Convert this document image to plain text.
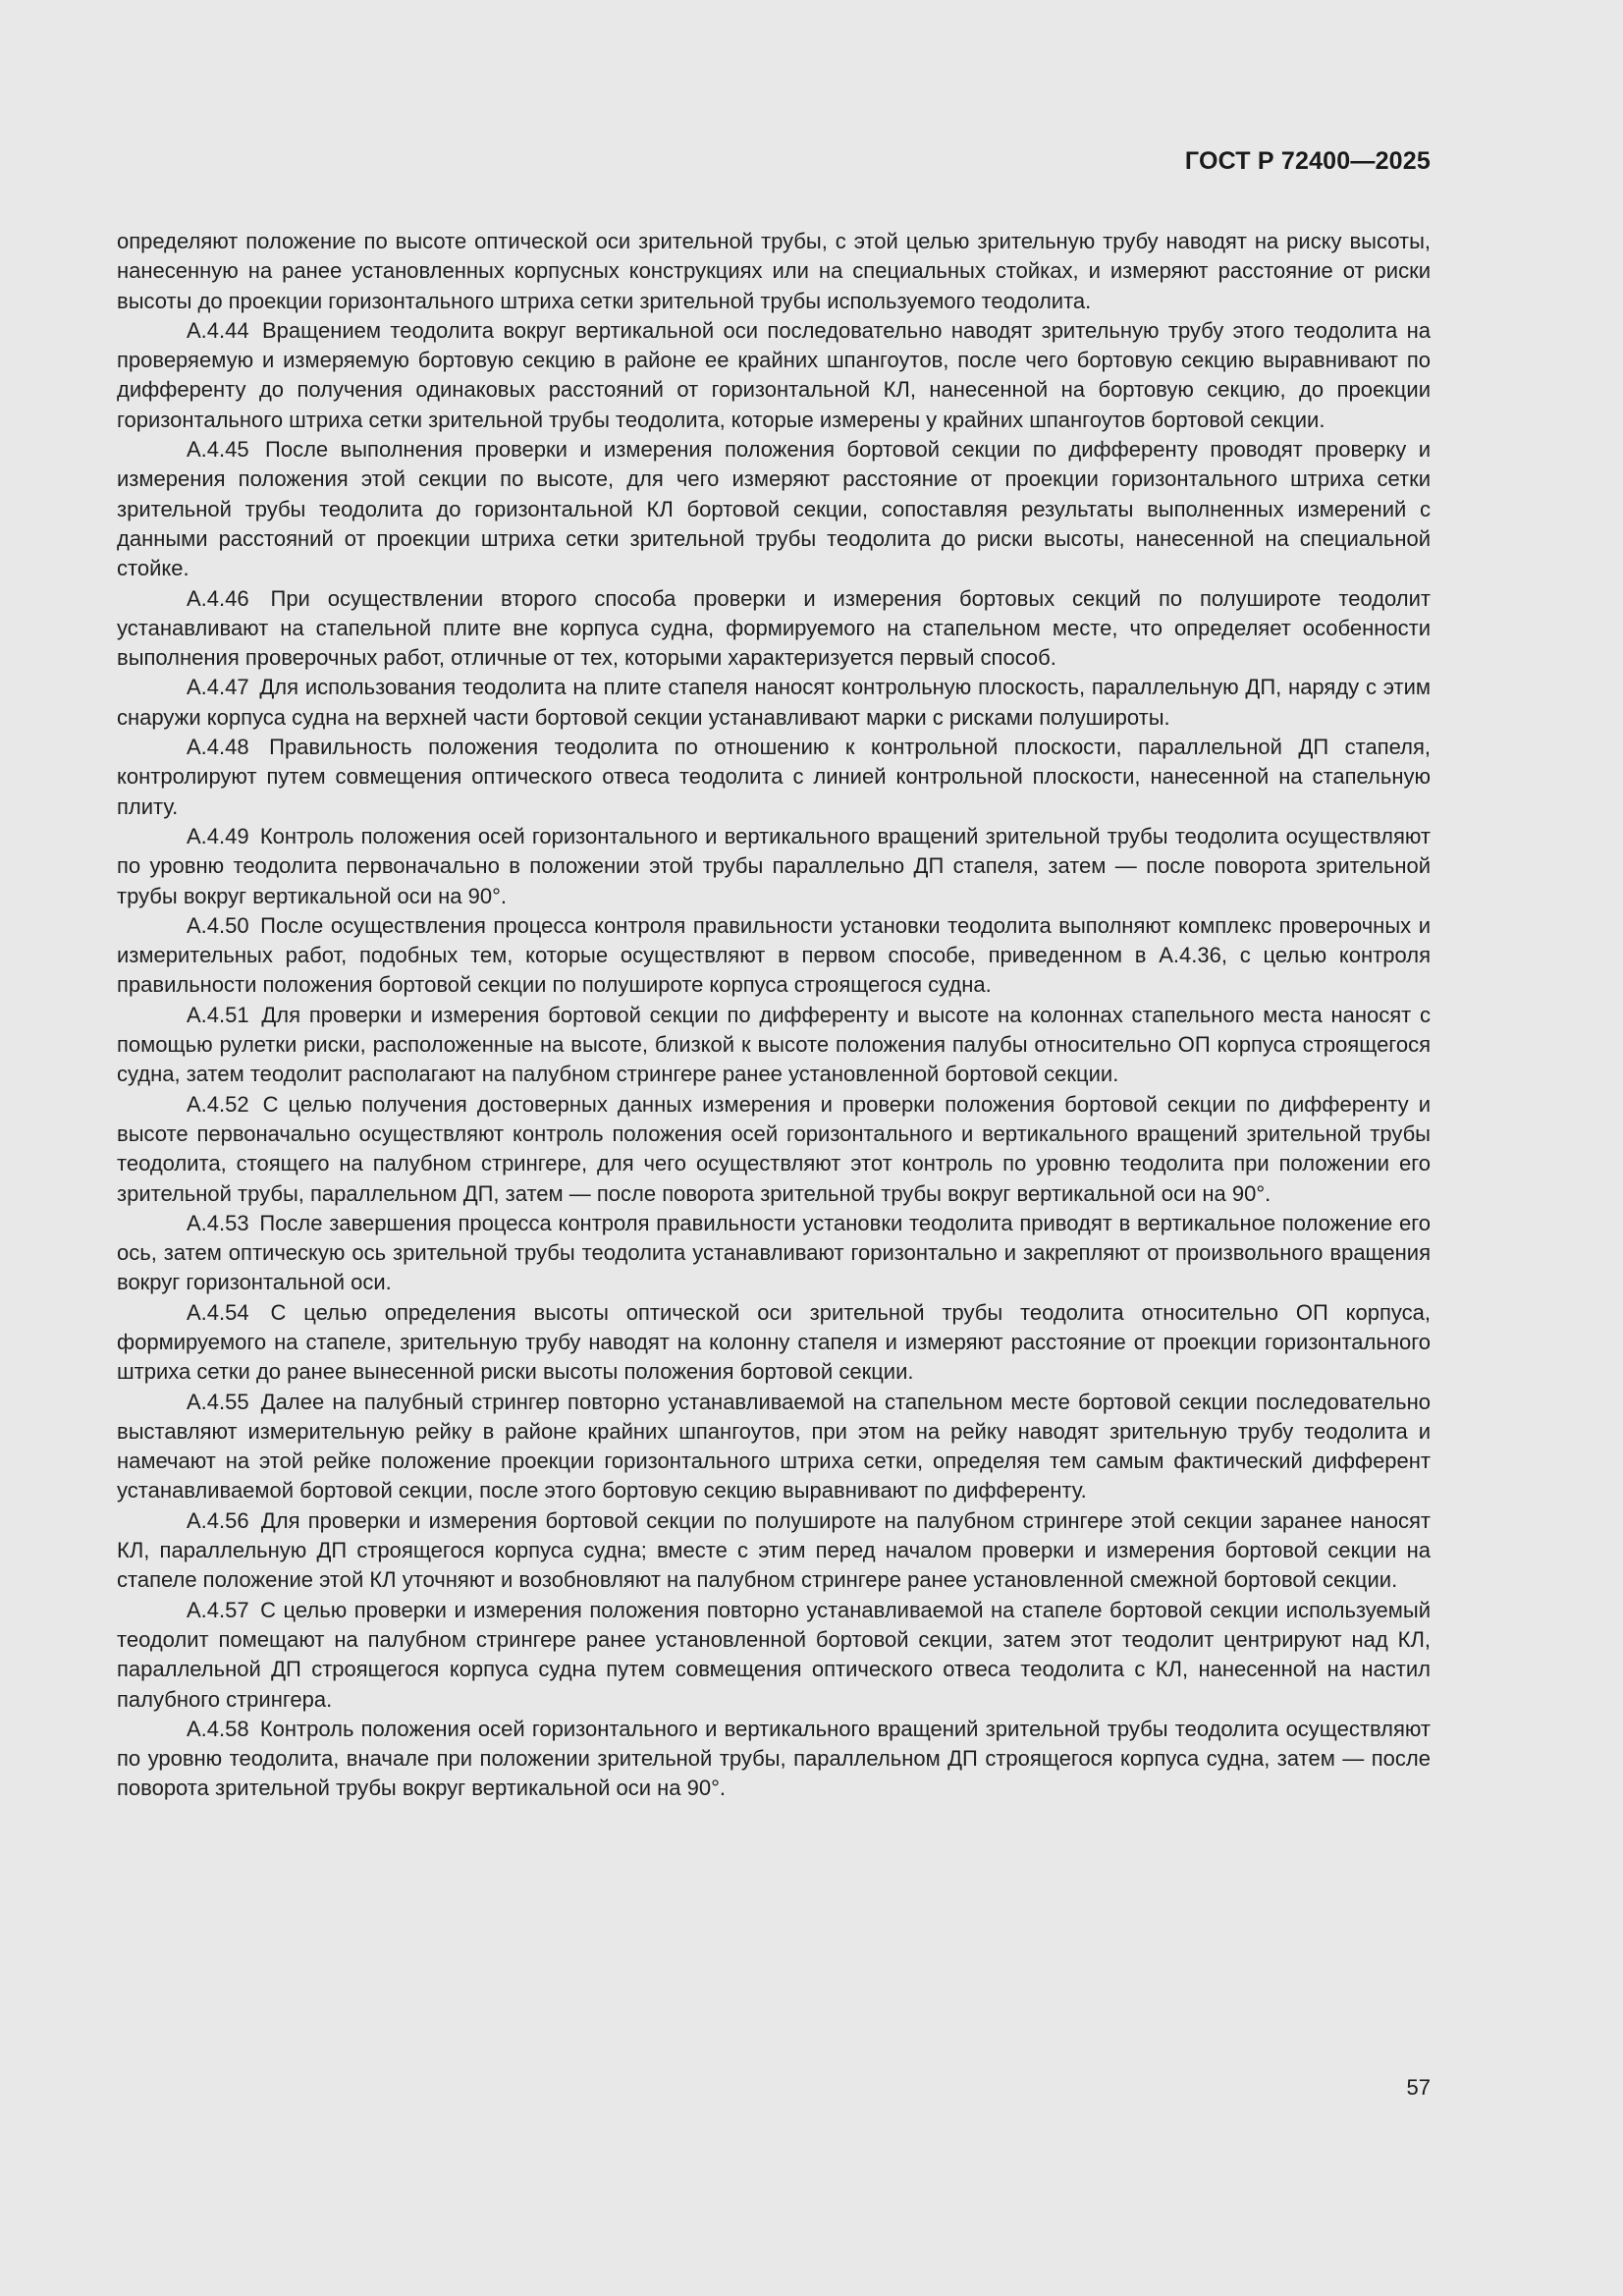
ГОСТ Р 72400—2025

определяют положение по высоте оптической оси зрительной трубы, с этой целью зрительную трубу наводят на риску высоты, нанесенную на ранее установленных корпусных конструкциях или на специальных стойках, и измеряют расстояние от риски высоты до проекции горизонтального штриха сетки зрительной трубы используемого теодолита.

А.4.44 Вращением теодолита вокруг вертикальной оси последовательно наводят зрительную трубу этого теодолита на проверяемую и измеряемую бортовую секцию в районе ее крайних шпангоутов, после чего бортовую секцию выравнивают по дифференту до получения одинаковых расстояний от горизонтальной КЛ, нанесенной на бортовую секцию, до проекции горизонтального штриха сетки зрительной трубы теодолита, которые измерены у крайних шпангоутов бортовой секции.

А.4.45 После выполнения проверки и измерения положения бортовой секции по дифференту проводят проверку и измерения положения этой секции по высоте, для чего измеряют расстояние от проекции горизонтального штриха сетки зрительной трубы теодолита до горизонтальной КЛ бортовой секции, сопоставляя результаты выполненных измерений с данными расстояний от проекции штриха сетки зрительной трубы теодолита до риски высоты, нанесенной на специальной стойке.

А.4.46 При осуществлении второго способа проверки и измерения бортовых секций по полушироте теодолит устанавливают на стапельной плите вне корпуса судна, формируемого на стапельном месте, что определяет особенности выполнения проверочных работ, отличные от тех, которыми характеризуется первый способ.

А.4.47 Для использования теодолита на плите стапеля наносят контрольную плоскость, параллельную ДП, наряду с этим снаружи корпуса судна на верхней части бортовой секции устанавливают марки с рисками полушироты.

А.4.48 Правильность положения теодолита по отношению к контрольной плоскости, параллельной ДП стапеля, контролируют путем совмещения оптического отвеса теодолита с линией контрольной плоскости, нанесенной на стапельную плиту.

А.4.49 Контроль положения осей горизонтального и вертикального вращений зрительной трубы теодолита осуществляют по уровню теодолита первоначально в положении этой трубы параллельно ДП стапеля, затем — после поворота зрительной трубы вокруг вертикальной оси на 90°.

А.4.50 После осуществления процесса контроля правильности установки теодолита выполняют комплекс проверочных и измерительных работ, подобных тем, которые осуществляют в первом способе, приведенном в А.4.36, с целью контроля правильности положения бортовой секции по полушироте корпуса строящегося судна.

А.4.51 Для проверки и измерения бортовой секции по дифференту и высоте на колоннах стапельного места наносят с помощью рулетки риски, расположенные на высоте, близкой к высоте положения палубы относительно ОП корпуса строящегося судна, затем теодолит располагают на палубном стрингере ранее установленной бортовой секции.

А.4.52 С целью получения достоверных данных измерения и проверки положения бортовой секции по дифференту и высоте первоначально осуществляют контроль положения осей горизонтального и вертикального вращений зрительной трубы теодолита, стоящего на палубном стрингере, для чего осуществляют этот контроль по уровню теодолита при положении его зрительной трубы, параллельном ДП, затем — после поворота зрительной трубы вокруг вертикальной оси на 90°.

А.4.53 После завершения процесса контроля правильности установки теодолита приводят в вертикальное положение его ось, затем оптическую ось зрительной трубы теодолита устанавливают горизонтально и закрепляют от произвольного вращения вокруг горизонтальной оси.

А.4.54 С целью определения высоты оптической оси зрительной трубы теодолита относительно ОП корпуса, формируемого на стапеле, зрительную трубу наводят на колонну стапеля и измеряют расстояние от проекции горизонтального штриха сетки до ранее вынесенной риски высоты положения бортовой секции.

А.4.55 Далее на палубный стрингер повторно устанавливаемой на стапельном месте бортовой секции последовательно выставляют измерительную рейку в районе крайних шпангоутов, при этом на рейку наводят зрительную трубу теодолита и намечают на этой рейке положение проекции горизонтального штриха сетки, определяя тем самым фактический дифферент устанавливаемой бортовой секции, после этого бортовую секцию выравнивают по дифференту.

А.4.56 Для проверки и измерения бортовой секции по полушироте на палубном стрингере этой секции заранее наносят КЛ, параллельную ДП строящегося корпуса судна; вместе с этим перед началом проверки и измерения бортовой секции на стапеле положение этой КЛ уточняют и возобновляют на палубном стрингере ранее установленной смежной бортовой секции.

А.4.57 С целью проверки и измерения положения повторно устанавливаемой на стапеле бортовой секции используемый теодолит помещают на палубном стрингере ранее установленной бортовой секции, затем этот теодолит центрируют над КЛ, параллельной ДП строящегося корпуса судна путем совмещения оптического отвеса теодолита с КЛ, нанесенной на настил палубного стрингера.

А.4.58 Контроль положения осей горизонтального и вертикального вращений зрительной трубы теодолита осуществляют по уровню теодолита, вначале при положении зрительной трубы, параллельном ДП строящегося корпуса судна, затем — после поворота зрительной трубы вокруг вертикальной оси на 90°.

57
